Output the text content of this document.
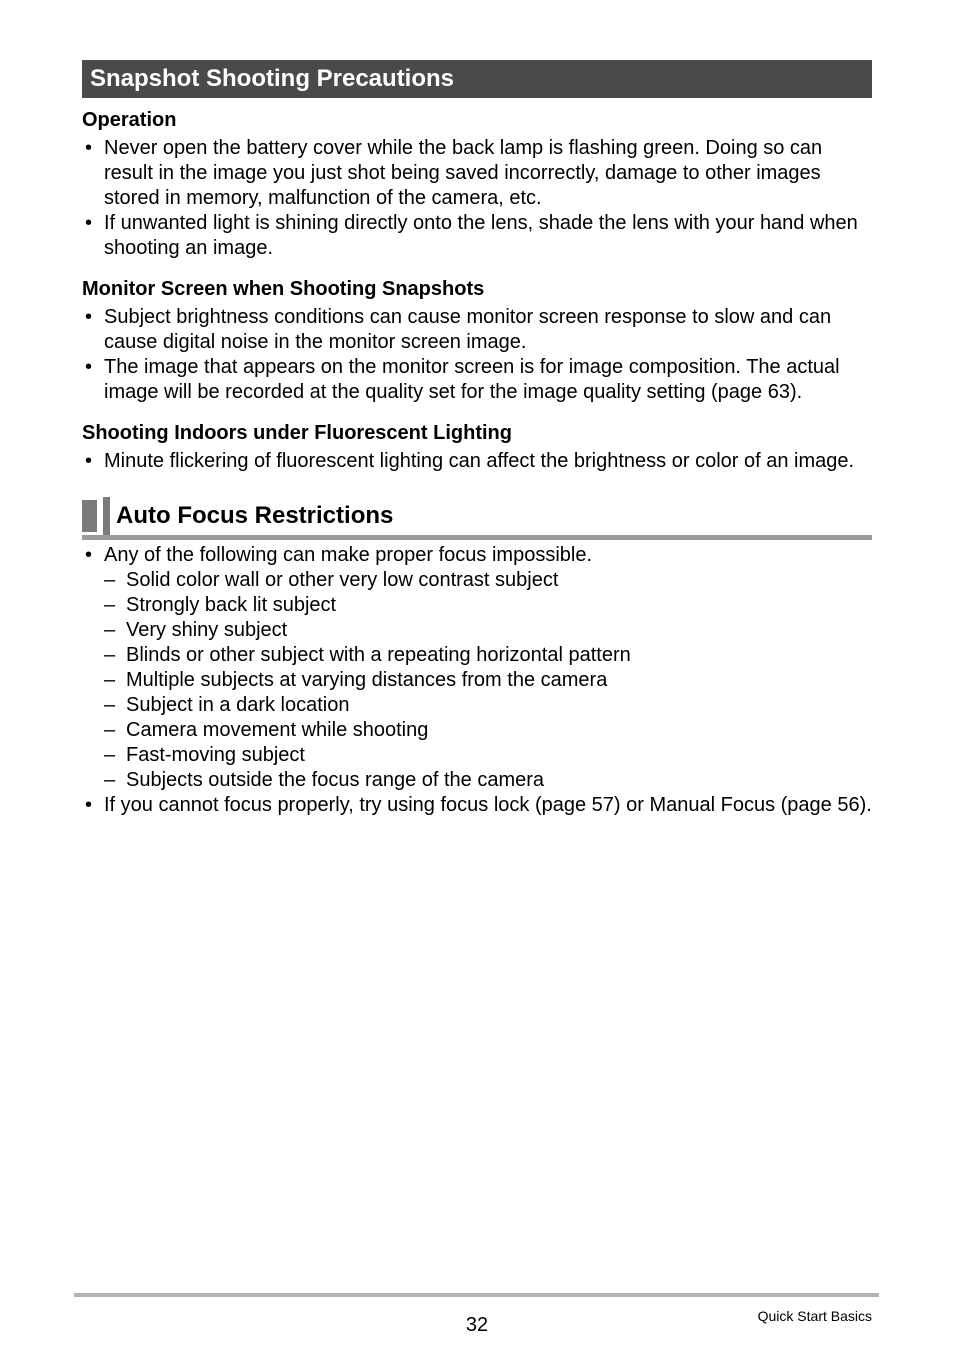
Snapshot Shooting Precautions
Operation
• Never open the battery cover while the back lamp is flashing green. Doing so can result in the image you just shot being saved incorrectly, damage to other images stored in memory, malfunction of the camera, etc.
• If unwanted light is shining directly onto the lens, shade the lens with your hand when shooting an image.
Monitor Screen when Shooting Snapshots
• Subject brightness conditions can cause monitor screen response to slow and can cause digital noise in the monitor screen image.
• The image that appears on the monitor screen is for image composition. The actual image will be recorded at the quality set for the image quality setting (page 63).
Shooting Indoors under Fluorescent Lighting
• Minute flickering of fluorescent lighting can affect the brightness or color of an image.
Auto Focus Restrictions
• Any of the following can make proper focus impossible.
– Solid color wall or other very low contrast subject
– Strongly back lit subject
– Very shiny subject
– Blinds or other subject with a repeating horizontal pattern
– Multiple subjects at varying distances from the camera
– Subject in a dark location
– Camera movement while shooting
– Fast-moving subject
– Subjects outside the focus range of the camera
• If you cannot focus properly, try using focus lock (page 57) or Manual Focus (page 56).
32	Quick Start Basics
